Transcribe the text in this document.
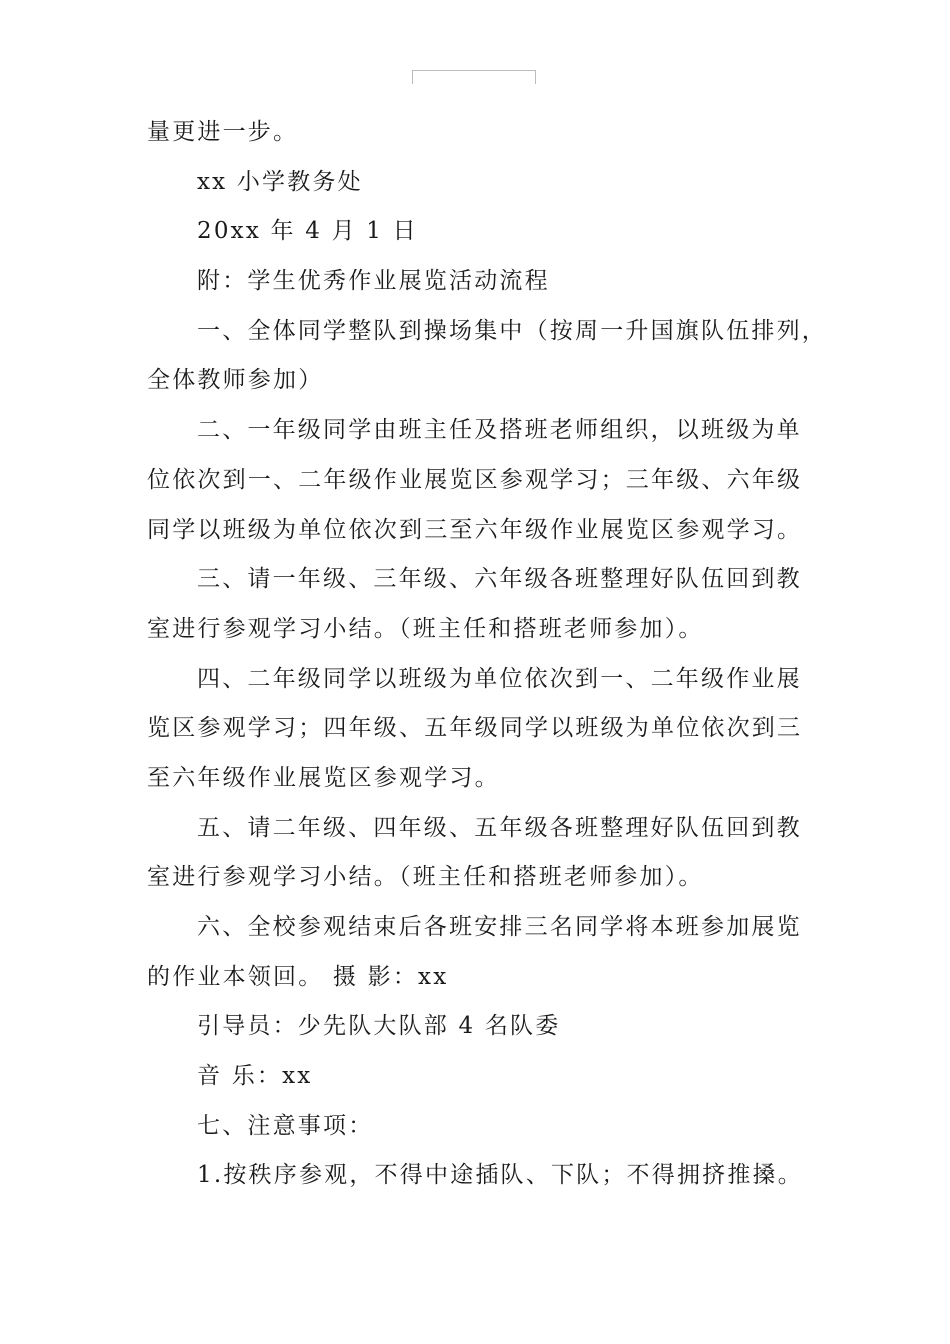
量更进一步。
xx 小学教务处
20xx 年 4 月 1 日
附：学生优秀作业展览活动流程
一、全体同学整队到操场集中（按周一升国旗队伍排列，
全体教师参加）
二、一年级同学由班主任及搭班老师组织，以班级为单
位依次到一、二年级作业展览区参观学习；三年级、六年级
同学以班级为单位依次到三至六年级作业展览区参观学习。
三、请一年级、三年级、六年级各班整理好队伍回到教
室进行参观学习小结。（班主任和搭班老师参加）。
四、二年级同学以班级为单位依次到一、二年级作业展
览区参观学习；四年级、五年级同学以班级为单位依次到三
至六年级作业展览区参观学习。
五、请二年级、四年级、五年级各班整理好队伍回到教
室进行参观学习小结。（班主任和搭班老师参加）。
六、全校参观结束后各班安排三名同学将本班参加展览
的作业本领回。 摄 影：xx
引导员：少先队大队部 4 名队委
音 乐：xx
七、注意事项：
1.按秩序参观，不得中途插队、下队；不得拥挤推搡。
